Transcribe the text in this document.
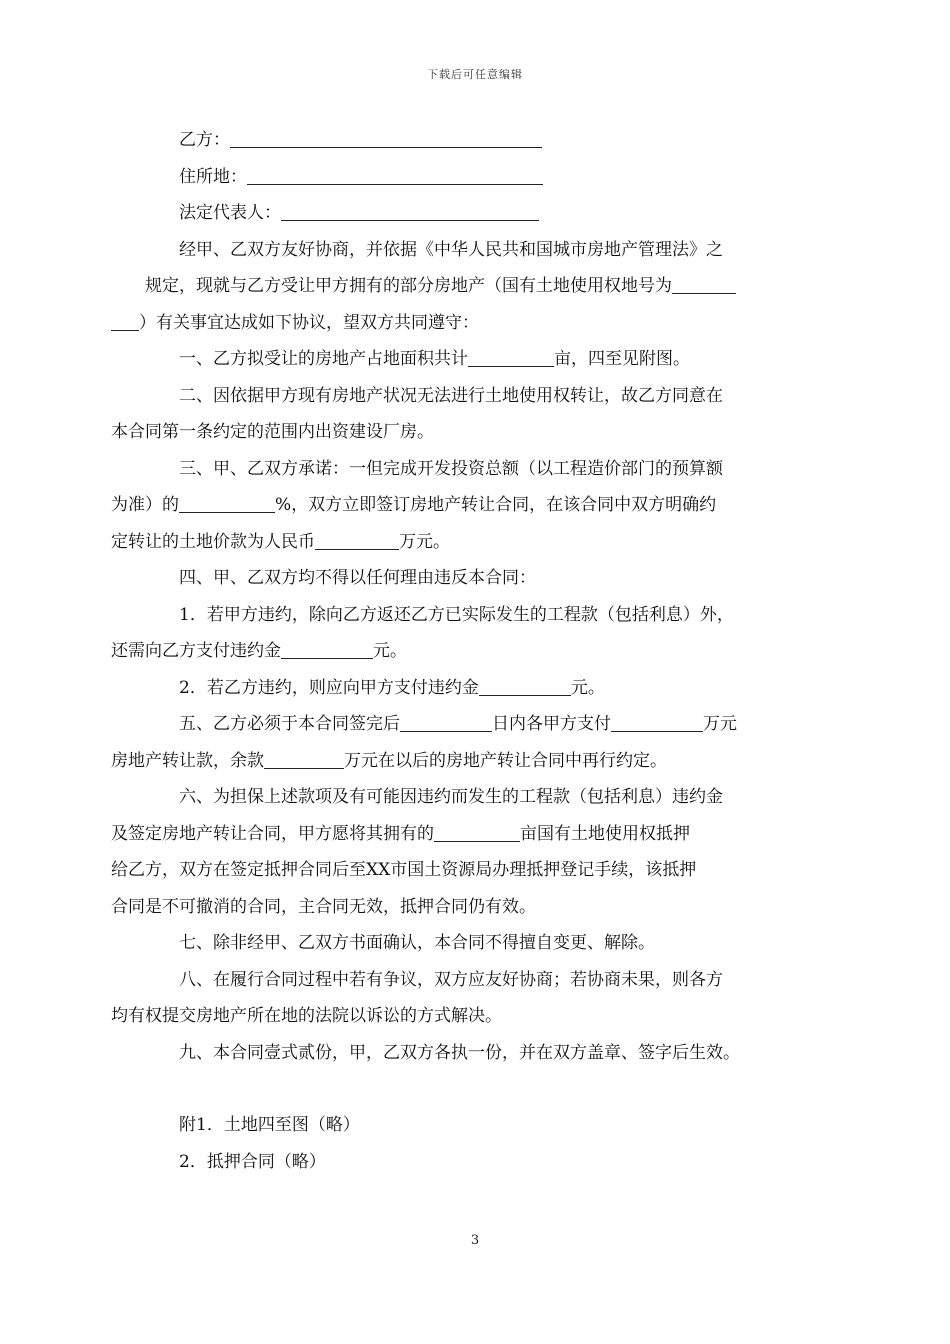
下载后可任意编辑

乙方：

住所地：

法定代表人：

经甲、乙双方友好协商，并依据《中华人民共和国城市房地产管理法》之
规定，现就与乙方受让甲方拥有的部分房地产（国有土地使用权地号为
）有关事宜达成如下协议，望双方共同遵守：

一、乙方拟受让的房地产占地面积共计	亩，四至见附图。

二、因依据甲方现有房地产状况无法进行土地使用权转让，故乙方同意在
本合同第一条约定的范围内出资建设厂房。

三、甲、乙双方承诺：一但完成开发投资总额（以工程造价部门的预算额
为准）的	%，双方立即签订房地产转让合同，在该合同中双方明确约
定转让的土地价款为人民币	万元。

四、甲、乙双方均不得以任何理由违反本合同：

1．若甲方违约，除向乙方返还乙方已实际发生的工程款（包括利息）外，
还需向乙方支付违约金	元。

2．若乙方违约，则应向甲方支付违约金	元。

五、乙方必须于本合同签完后	日内各甲方支付	万元
房地产转让款，余款	万元在以后的房地产转让合同中再行约定。

六、为担保上述款项及有可能因违约而发生的工程款（包括利息）违约金
及签定房地产转让合同，甲方愿将其拥有的	亩国有土地使用权抵押
给乙方，双方在签定抵押合同后至XX市国土资源局办理抵押登记手续，该抵押
合同是不可撤消的合同，主合同无效，抵押合同仍有效。

七、除非经甲、乙双方书面确认，本合同不得擅自变更、解除。

八、在履行合同过程中若有争议，双方应友好协商；若协商未果，则各方
均有权提交房地产所在地的法院以诉讼的方式解决。

九、本合同壹式贰份，甲，乙双方各执一份，并在双方盖章、签字后生效。

附1．土地四至图（略）

2．抵押合同（略）

3
